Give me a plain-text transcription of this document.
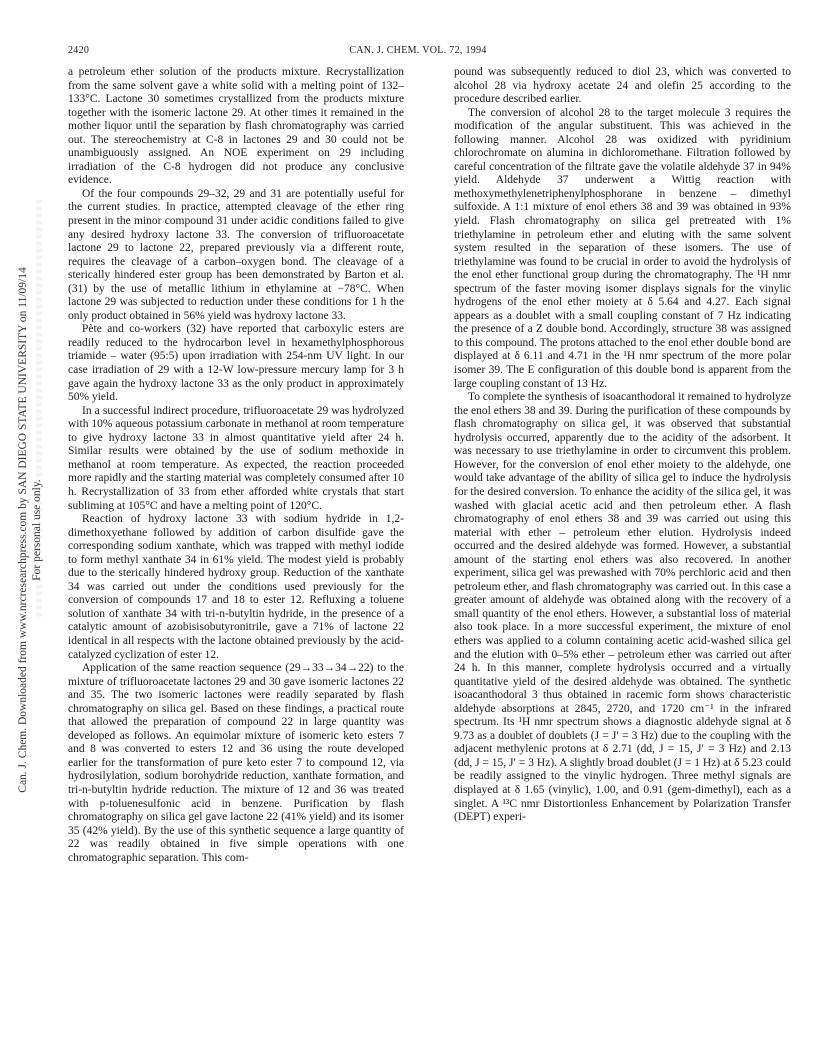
2420	CAN. J. CHEM. VOL. 72, 1994
Can. J. Chem. Downloaded from www.nrcresearchpress.com by SAN DIEGO STATE UNIVERSITY on 11/09/14 For personal use only.

a petroleum ether solution of the products mixture. Recrystallization from the same solvent gave a white solid with a melting point of 132–133°C. Lactone 30 sometimes crystallized from the products mixture together with the isomeric lactone 29. At other times it remained in the mother liquor until the separation by flash chromatography was carried out. The stereochemistry at C-8 in lactones 29 and 30 could not be unambiguously assigned. An NOE experiment on 29 including irradiation of the C-8 hydrogen did not produce any conclusive evidence.

Of the four compounds 29–32, 29 and 31 are potentially useful for the current studies. In practice, attempted cleavage of the ether ring present in the minor compound 31 under acidic conditions failed to give any desired hydroxy lactone 33. The conversion of trifluoroacetate lactone 29 to lactone 22, prepared previously via a different route, requires the cleavage of a carbon–oxygen bond. The cleavage of a sterically hindered ester group has been demonstrated by Barton et al. (31) by the use of metallic lithium in ethylamine at −78°C. When lactone 29 was subjected to reduction under these conditions for 1 h the only product obtained in 56% yield was hydroxy lactone 33.

Pète and co-workers (32) have reported that carboxylic esters are readily reduced to the hydrocarbon level in hexamethylphosphorous triamide – water (95:5) upon irradiation with 254-nm UV light. In our case irradiation of 29 with a 12-W low-pressure mercury lamp for 3 h gave again the hydroxy lactone 33 as the only product in approximately 50% yield.

In a successful indirect procedure, trifluoroacetate 29 was hydrolyzed with 10% aqueous potassium carbonate in methanol at room temperature to give hydroxy lactone 33 in almost quantitative yield after 24 h. Similar results were obtained by the use of sodium methoxide in methanol at room temperature. As expected, the reaction proceeded more rapidly and the starting material was completely consumed after 10 h. Recrystallization of 33 from ether afforded white crystals that start subliming at 105°C and have a melting point of 120°C.

Reaction of hydroxy lactone 33 with sodium hydride in 1,2-dimethoxyethane followed by addition of carbon disulfide gave the corresponding sodium xanthate, which was trapped with methyl iodide to form methyl xanthate 34 in 61% yield. The modest yield is probably due to the sterically hindered hydroxy group. Reduction of the xanthate 34 was carried out under the conditions used previously for the conversion of compounds 17 and 18 to ester 12. Refluxing a toluene solution of xanthate 34 with tri-n-butyltin hydride, in the presence of a catalytic amount of azobisisobutyronitrile, gave a 71% of lactone 22 identical in all respects with the lactone obtained previously by the acid-catalyzed cyclization of ester 12.

Application of the same reaction sequence (29→33→34→22) to the mixture of trifluoroacetate lactones 29 and 30 gave isomeric lactones 22 and 35. The two isomeric lactones were readily separated by flash chromatography on silica gel. Based on these findings, a practical route that allowed the preparation of compound 22 in large quantity was developed as follows. An equimolar mixture of isomeric keto esters 7 and 8 was converted to esters 12 and 36 using the route developed earlier for the transformation of pure keto ester 7 to compound 12, via hydrosilylation, sodium borohydride reduction, xanthate formation, and tri-n-butyltin hydride reduction. The mixture of 12 and 36 was treated with p-toluenesulfonic acid in benzene. Purification by flash chromatography on silica gel gave lactone 22 (41% yield) and its isomer 35 (42% yield). By the use of this synthetic sequence a large quantity of 22 was readily obtained in five simple operations with one chromatographic separation. This com-

pound was subsequently reduced to diol 23, which was converted to alcohol 28 via hydroxy acetate 24 and olefin 25 according to the procedure described earlier.

The conversion of alcohol 28 to the target molecule 3 requires the modification of the angular substituent. This was achieved in the following manner. Alcohol 28 was oxidized with pyridinium chlorochromate on alumina in dichloromethane. Filtration followed by careful concentration of the filtrate gave the volatile aldehyde 37 in 94% yield. Aldehyde 37 underwent a Wittig reaction with methoxymethylenetriphenylphosphorane in benzene – dimethyl sulfoxide. A 1:1 mixture of enol ethers 38 and 39 was obtained in 93% yield. Flash chromatography on silica gel pretreated with 1% triethylamine in petroleum ether and eluting with the same solvent system resulted in the separation of these isomers. The use of triethylamine was found to be crucial in order to avoid the hydrolysis of the enol ether functional group during the chromatography. The ¹H nmr spectrum of the faster moving isomer displays signals for the vinylic hydrogens of the enol ether moiety at δ 5.64 and 4.27. Each signal appears as a doublet with a small coupling constant of 7 Hz indicating the presence of a Z double bond. Accordingly, structure 38 was assigned to this compound. The protons attached to the enol ether double bond are displayed at δ 6.11 and 4.71 in the ¹H nmr spectrum of the more polar isomer 39. The E configuration of this double bond is apparent from the large coupling constant of 13 Hz.

To complete the synthesis of isoacanthodoral it remained to hydrolyze the enol ethers 38 and 39. During the purification of these compounds by flash chromatography on silica gel, it was observed that substantial hydrolysis occurred, apparently due to the acidity of the adsorbent. It was necessary to use triethylamine in order to circumvent this problem. However, for the conversion of enol ether moiety to the aldehyde, one would take advantage of the ability of silica gel to induce the hydrolysis for the desired conversion. To enhance the acidity of the silica gel, it was washed with glacial acetic acid and then petroleum ether. A flash chromatography of enol ethers 38 and 39 was carried out using this material with ether – petroleum ether elution. Hydrolysis indeed occurred and the desired aldehyde was formed. However, a substantial amount of the starting enol ethers was also recovered. In another experiment, silica gel was prewashed with 70% perchloric acid and then petroleum ether, and flash chromatography was carried out. In this case a greater amount of aldehyde was obtained along with the recovery of a small quantity of the enol ethers. However, a substantial loss of material also took place. In a more successful experiment, the mixture of enol ethers was applied to a column containing acetic acid-washed silica gel and the elution with 0–5% ether – petroleum ether was carried out after 24 h. In this manner, complete hydrolysis occurred and a virtually quantitative yield of the desired aldehyde was obtained. The synthetic isoacanthodoral 3 thus obtained in racemic form shows characteristic aldehyde absorptions at 2845, 2720, and 1720 cm⁻¹ in the infrared spectrum. Its ¹H nmr spectrum shows a diagnostic aldehyde signal at δ 9.73 as a doublet of doublets (J = J′ = 3 Hz) due to the coupling with the adjacent methylenic protons at δ 2.71 (dd, J = 15, J′ = 3 Hz) and 2.13 (dd, J = 15, J′ = 3 Hz). A slightly broad doublet (J = 1 Hz) at δ 5.23 could be readily assigned to the vinylic hydrogen. Three methyl signals are displayed at δ 1.65 (vinylic), 1.00, and 0.91 (gem-dimethyl), each as a singlet. A ¹³C nmr Distortionless Enhancement by Polarization Transfer (DEPT) experi-
